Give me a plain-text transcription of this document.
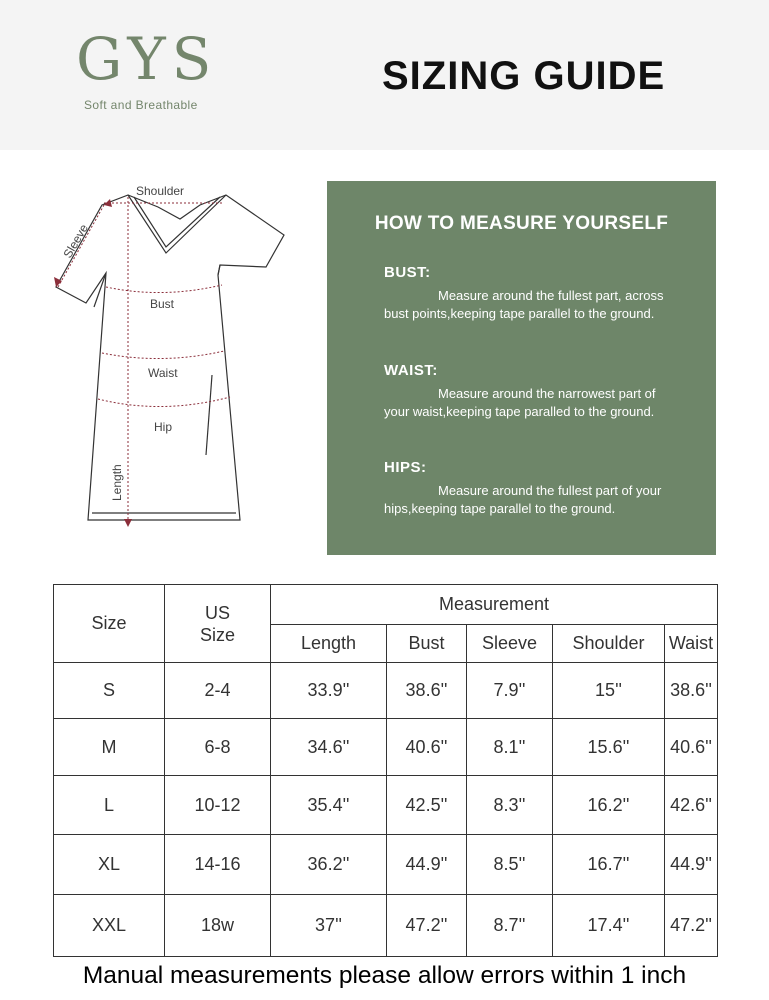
GYS
Soft and Breathable
SIZING GUIDE
Shoulder
Bust
Waist
Hip
Sleeve
Length
HOW TO MEASURE YOURSELF
BUST:
Measure around the fullest part, across bust points,keeping tape parallel to the ground.
WAIST:
Measure around the narrowest part of your waist,keeping tape paralled to the ground.
HIPS:
Measure around the fullest part of your hips,keeping tape parallel to the ground.
Size	US Size	Measurement				
		Length	Bust	Sleeve	Shoulder	Waist
S	2-4	33.9''	38.6''	7.9''	15''	38.6''
M	6-8	34.6''	40.6''	8.1''	15.6''	40.6''
L	10-12	35.4''	42.5''	8.3''	16.2''	42.6''
XL	14-16	36.2''	44.9''	8.5''	16.7''	44.9''
XXL	18w	37''	47.2''	8.7''	17.4''	47.2''
Manual measurements please allow errors within 1 inch
